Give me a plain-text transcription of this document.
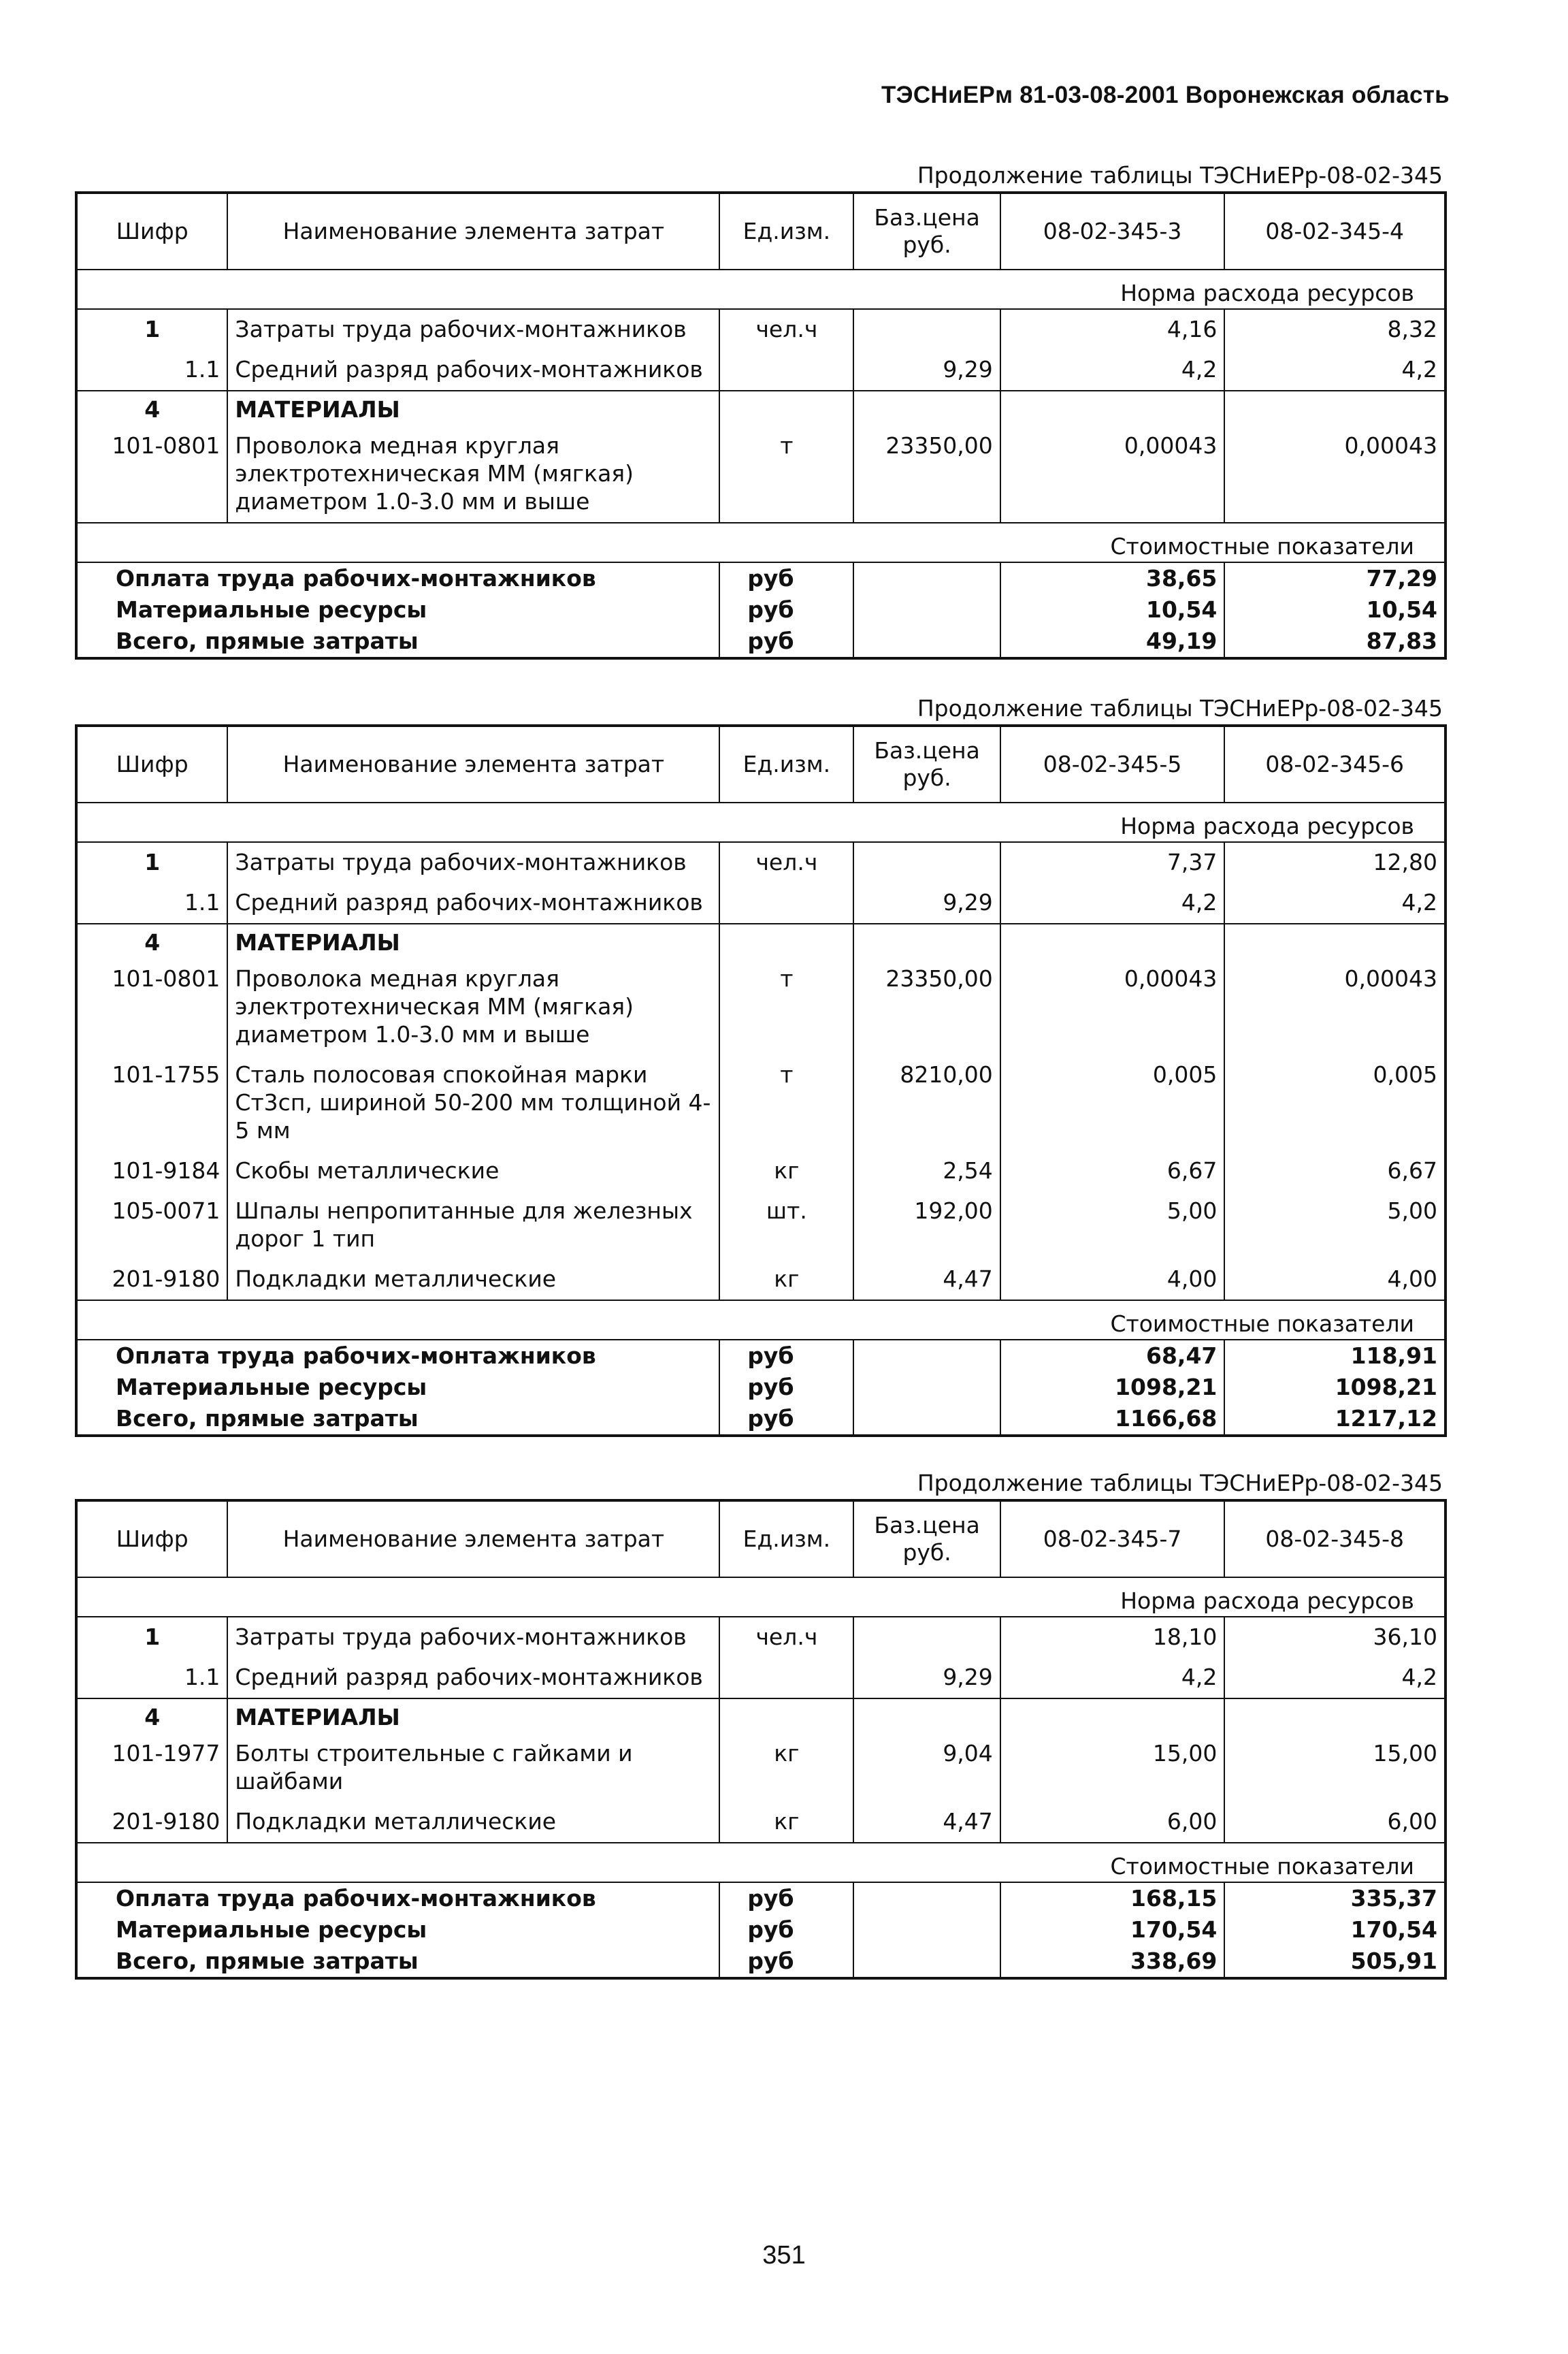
ТЭСНиЕРм 81-03-08-2001 Воронежская область
Продолжение таблицы ТЭСНиЕРр-08-02-345
Шифр	Наименование элемента затрат	Ед.изм.	Баз.цена руб.	08-02-345-3	08-02-345-4
Норма расхода ресурсов					
1	Затраты труда рабочих-монтажников	чел.ч		4,16	8,32
1.1	Средний разряд рабочих-монтажников		9,29	4,2	4,2
4	МАТЕРИАЛЫ				
101-0801	Проволока медная круглая электротехническая ММ (мягкая) диаметром 1.0-3.0 мм и выше	т	23350,00	0,00043	0,00043
Стоимостные показатели					
Оплата труда рабочих-монтажников		руб		38,65	77,29
Материальные ресурсы		руб		10,54	10,54
Всего, прямые затраты		руб		49,19	87,83
Продолжение таблицы ТЭСНиЕРр-08-02-345
Шифр	Наименование элемента затрат	Ед.изм.	Баз.цена руб.	08-02-345-5	08-02-345-6
Норма расхода ресурсов					
1	Затраты труда рабочих-монтажников	чел.ч		7,37	12,80
1.1	Средний разряд рабочих-монтажников		9,29	4,2	4,2
4	МАТЕРИАЛЫ				
101-0801	Проволока медная круглая электротехническая ММ (мягкая) диаметром 1.0-3.0 мм и выше	т	23350,00	0,00043	0,00043
101-1755	Сталь полосовая спокойная марки Ст3сп, шириной 50-200 мм толщиной 4-5 мм	т	8210,00	0,005	0,005
101-9184	Скобы металлические	кг	2,54	6,67	6,67
105-0071	Шпалы непропитанные для железных дорог 1 тип	шт.	192,00	5,00	5,00
201-9180	Подкладки металлические	кг	4,47	4,00	4,00
Стоимостные показатели					
Оплата труда рабочих-монтажников		руб		68,47	118,91
Материальные ресурсы		руб		1098,21	1098,21
Всего, прямые затраты		руб		1166,68	1217,12
Продолжение таблицы ТЭСНиЕРр-08-02-345
Шифр	Наименование элемента затрат	Ед.изм.	Баз.цена руб.	08-02-345-7	08-02-345-8
Норма расхода ресурсов					
1	Затраты труда рабочих-монтажников	чел.ч		18,10	36,10
1.1	Средний разряд рабочих-монтажников		9,29	4,2	4,2
4	МАТЕРИАЛЫ				
101-1977	Болты строительные с гайками и шайбами	кг	9,04	15,00	15,00
201-9180	Подкладки металлические	кг	4,47	6,00	6,00
Стоимостные показатели					
Оплата труда рабочих-монтажников		руб		168,15	335,37
Материальные ресурсы		руб		170,54	170,54
Всего, прямые затраты		руб		338,69	505,91
351
